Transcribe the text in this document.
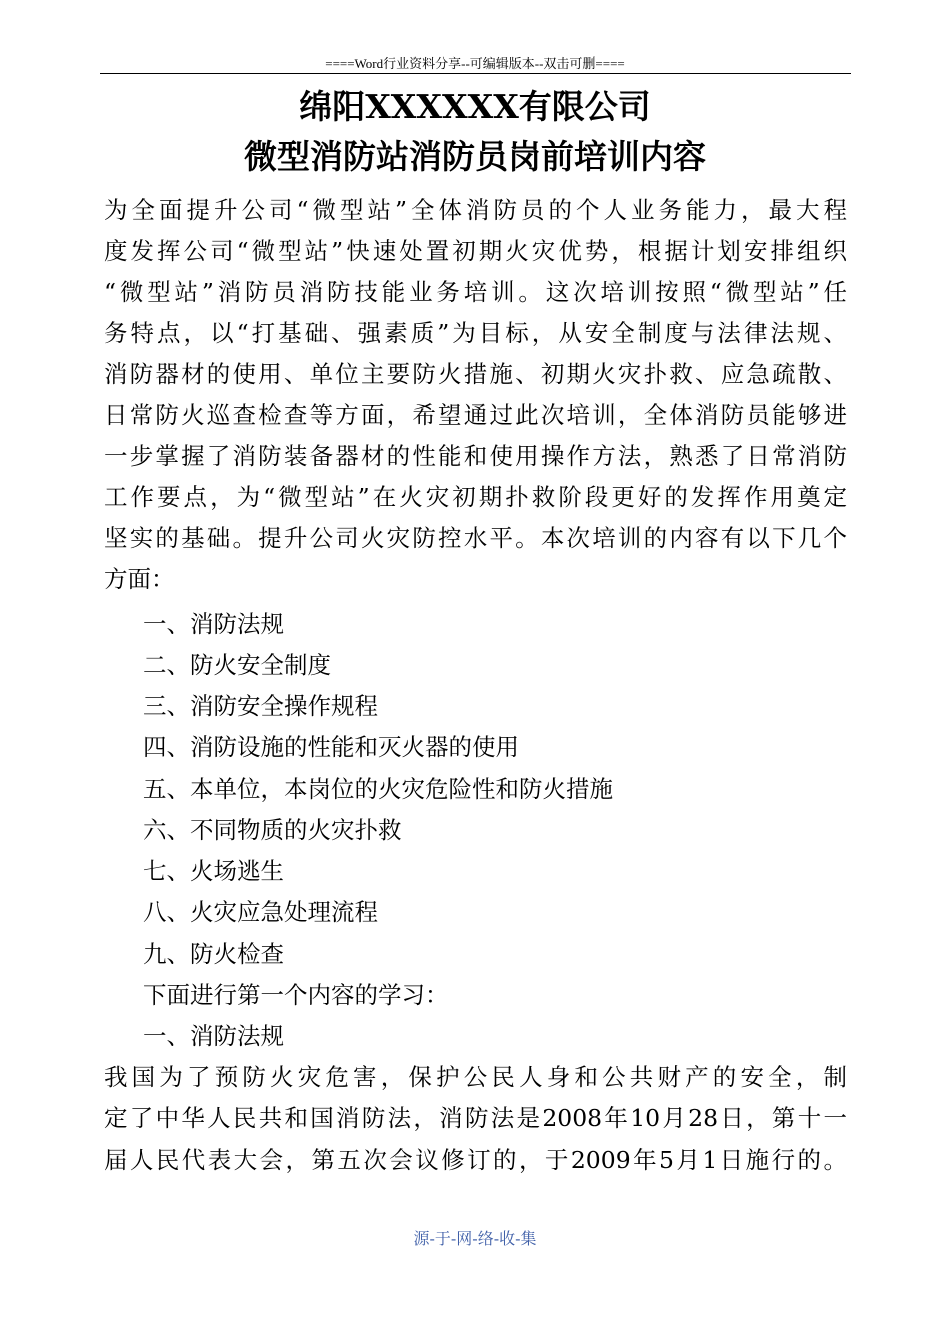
====Word行业资料分享--可编辑版本--双击可删====
绵阳XXXXXX有限公司
微型消防站消防员岗前培训内容
为全面提升公司“微型站”全体消防员的个人业务能力，最大程
度发挥公司“微型站”快速处置初期火灾优势，根据计划安排组织
“微型站”消防员消防技能业务培训。这次培训按照“微型站”任
务特点，以“打基础、强素质”为目标，从安全制度与法律法规、
消防器材的使用、单位主要防火措施、初期火灾扑救、应急疏散、
日常防火巡查检查等方面，希望通过此次培训，全体消防员能够进
一步掌握了消防装备器材的性能和使用操作方法，熟悉了日常消防
工作要点，为“微型站”在火灾初期扑救阶段更好的发挥作用奠定
坚实的基础。提升公司火灾防控水平。本次培训的内容有以下几个
方面：
一、消防法规
二、防火安全制度
三、消防安全操作规程
四、消防设施的性能和灭火器的使用
五、本单位，本岗位的火灾危险性和防火措施
六、不同物质的火灾扑救
七、火场逃生
八、火灾应急处理流程
九、防火检查
下面进行第一个内容的学习：
一、消防法规
我国为了预防火灾危害，保护公民人身和公共财产的安全，制
定了中华人民共和国消防法，消防法是2008年10月28日，第十一
届人民代表大会，第五次会议修订的，于2009年5月1日施行的。
源-于-网-络-收-集
